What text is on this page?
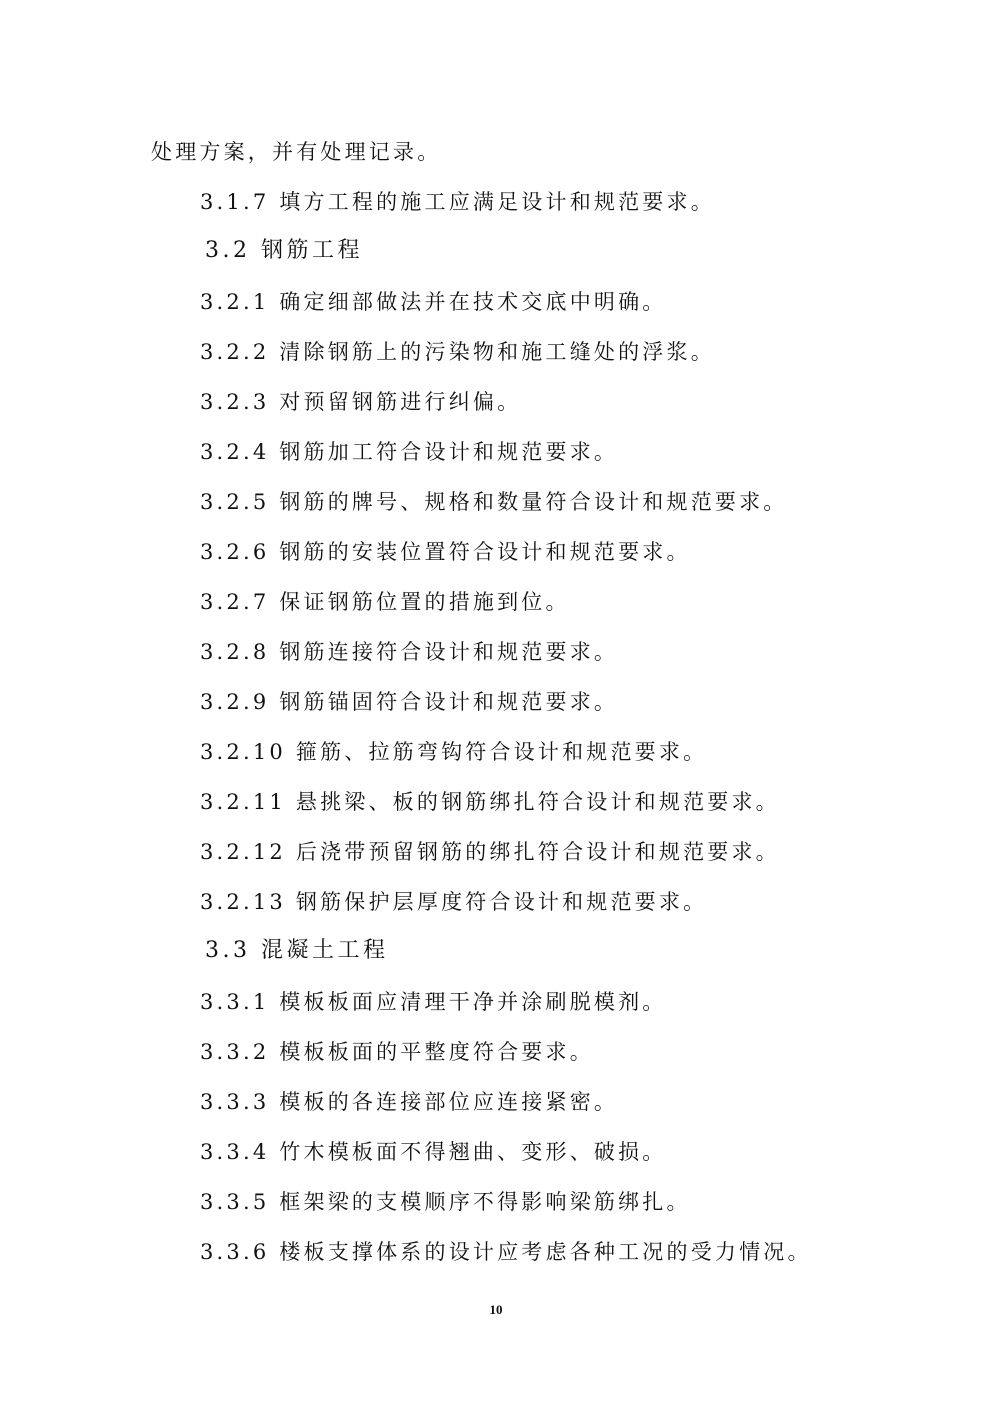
处理方案，并有处理记录。
3.1.7 填方工程的施工应满足设计和规范要求。
3.2 钢筋工程
3.2.1 确定细部做法并在技术交底中明确。
3.2.2 清除钢筋上的污染物和施工缝处的浮浆。
3.2.3 对预留钢筋进行纠偏。
3.2.4 钢筋加工符合设计和规范要求。
3.2.5 钢筋的牌号、规格和数量符合设计和规范要求。
3.2.6 钢筋的安装位置符合设计和规范要求。
3.2.7 保证钢筋位置的措施到位。
3.2.8 钢筋连接符合设计和规范要求。
3.2.9 钢筋锚固符合设计和规范要求。
3.2.10 箍筋、拉筋弯钩符合设计和规范要求。
3.2.11 悬挑梁、板的钢筋绑扎符合设计和规范要求。
3.2.12 后浇带预留钢筋的绑扎符合设计和规范要求。
3.2.13 钢筋保护层厚度符合设计和规范要求。
3.3 混凝土工程
3.3.1 模板板面应清理干净并涂刷脱模剂。
3.3.2 模板板面的平整度符合要求。
3.3.3 模板的各连接部位应连接紧密。
3.3.4 竹木模板面不得翘曲、变形、破损。
3.3.5 框架梁的支模顺序不得影响梁筋绑扎。
3.3.6 楼板支撑体系的设计应考虑各种工况的受力情况。
10
